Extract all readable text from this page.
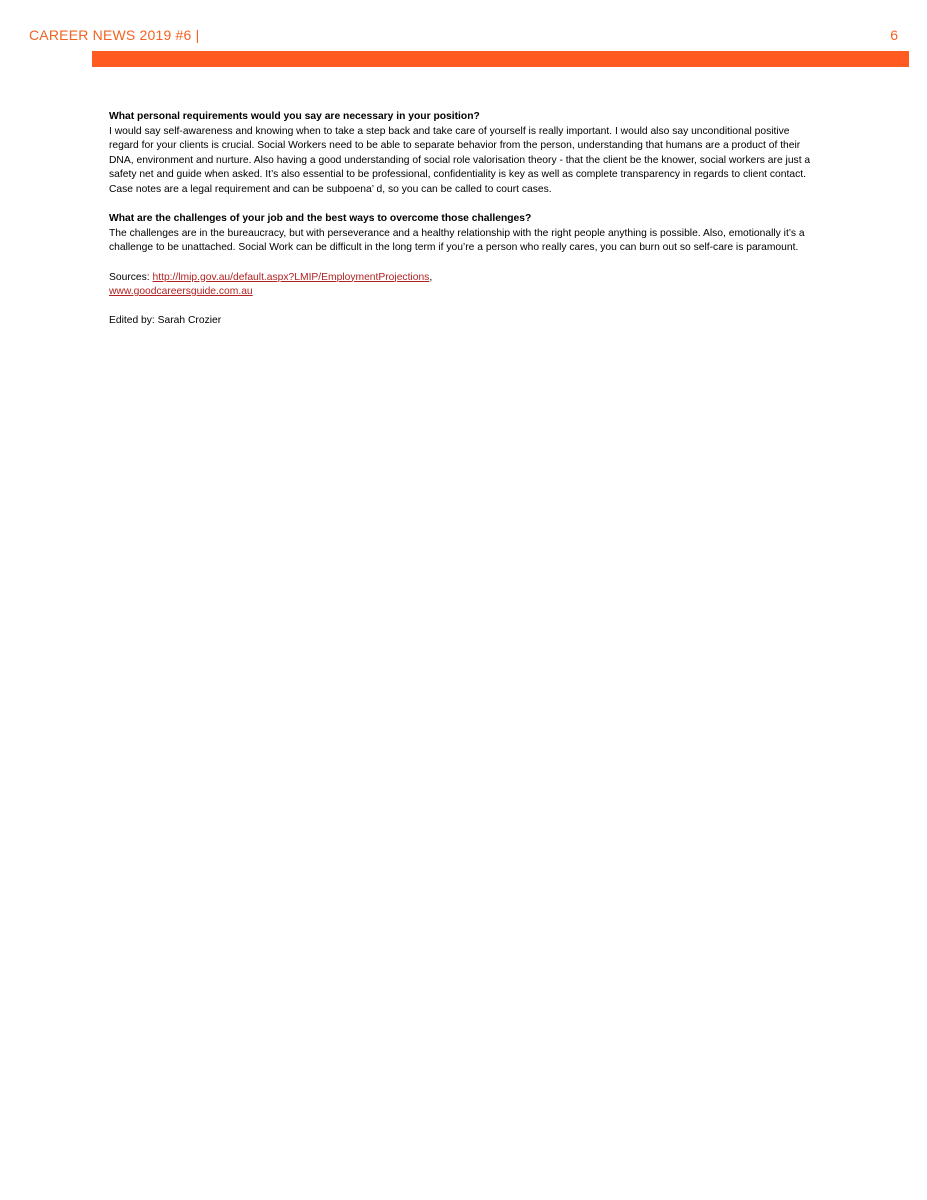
CAREER NEWS 2019 #6 |	6

What personal requirements would you say are necessary in your position?

I would say self-awareness and knowing when to take a step back and take care of yourself is really important. I would also say unconditional positive regard for your clients is crucial. Social Workers need to be able to separate behavior from the person, understanding that humans are a product of their DNA, environment and nurture. Also having a good understanding of social role valorisation theory - that the client be the knower, social workers are just a safety net and guide when asked. It’s also essential to be professional, confidentiality is key as well as complete transparency in regards to client contact. Case notes are a legal requirement and can be subpoena’ d, so you can be called to court cases.

What are the challenges of your job and the best ways to overcome those challenges?

The challenges are in the bureaucracy, but with perseverance and a healthy relationship with the right people anything is possible. Also, emotionally it’s a challenge to be unattached. Social Work can be difficult in the long term if you’re a person who really cares, you can burn out so self-care is paramount.

Sources: http://lmip.gov.au/default.aspx?LMIP/EmploymentProjections,
www.goodcareersguide.com.au

Edited by: Sarah Crozier
